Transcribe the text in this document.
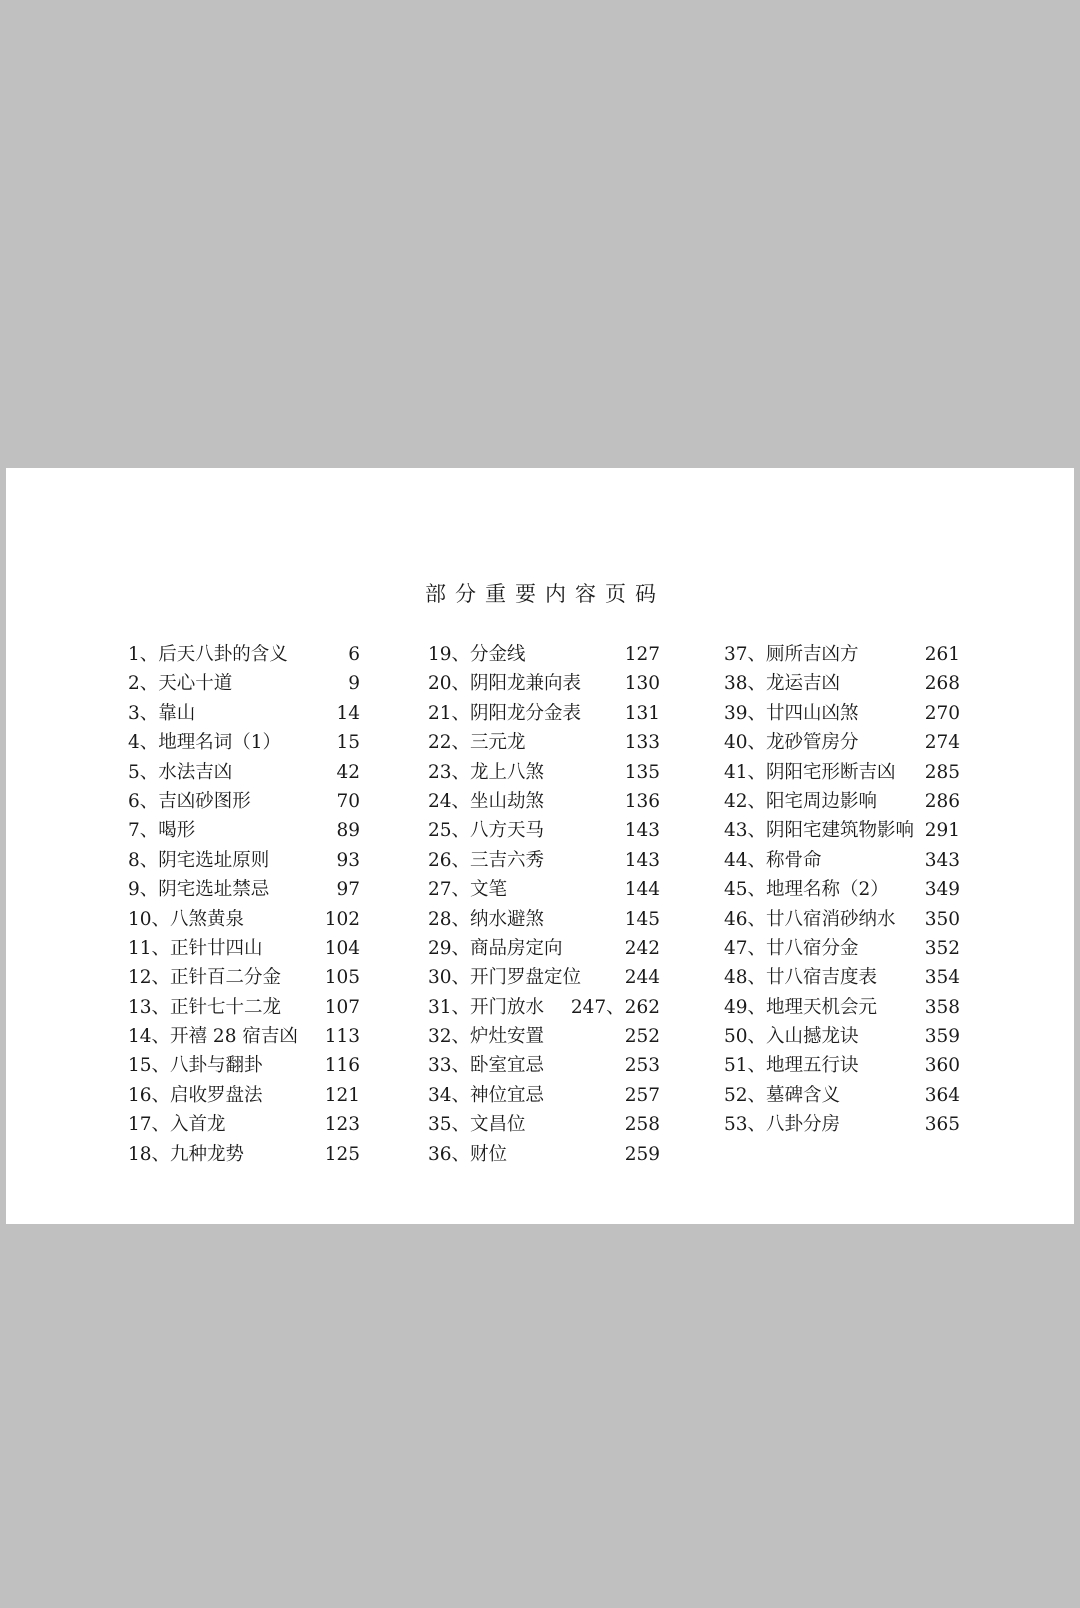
部分重要内容页码
1、后天八卦的含义	6
2、天心十道	9
3、靠山	14
4、地理名词（1）	15
5、水法吉凶	42
6、吉凶砂图形	70
7、喝形	89
8、阴宅选址原则	93
9、阴宅选址禁忌	97
10、八煞黄泉	102
11、正针廿四山	104
12、正针百二分金 105
13、正针七十二龙 107
14、开禧 28 宿吉凶 113
15、八卦与翻卦	116
16、启收罗盘法	121
17、入首龙	123
18、九种龙势	125
19、分金线	127
20、阴阳龙兼向表 130
21、阴阳龙分金表 131
22、三元龙	133
23、龙上八煞	135
24、坐山劫煞	136
25、八方天马	143
26、三吉六秀	143
27、文笔	144
28、纳水避煞	145
29、商品房定向	242
30、开门罗盘定位 244
31、开门放水 247、262
32、炉灶安置	252
33、卧室宜忌	253
34、神位宜忌	257
35、文昌位	258
36、财位	259
37、厕所吉凶方	261
38、龙运吉凶	268
39、廿四山凶煞	270
40、龙砂管房分	274
41、阴阳宅形断吉凶 285
42、阳宅周边影响	286
43、阴阳宅建筑物影响 291
44、称骨命	343
45、地理名称（2） 349
46、廿八宿消砂纳水 350
47、廿八宿分金	352
48、廿八宿吉度表	354
49、地理天机会元	358
50、入山撼龙诀	359
51、地理五行诀	360
52、墓碑含义	364
53、八卦分房	365
